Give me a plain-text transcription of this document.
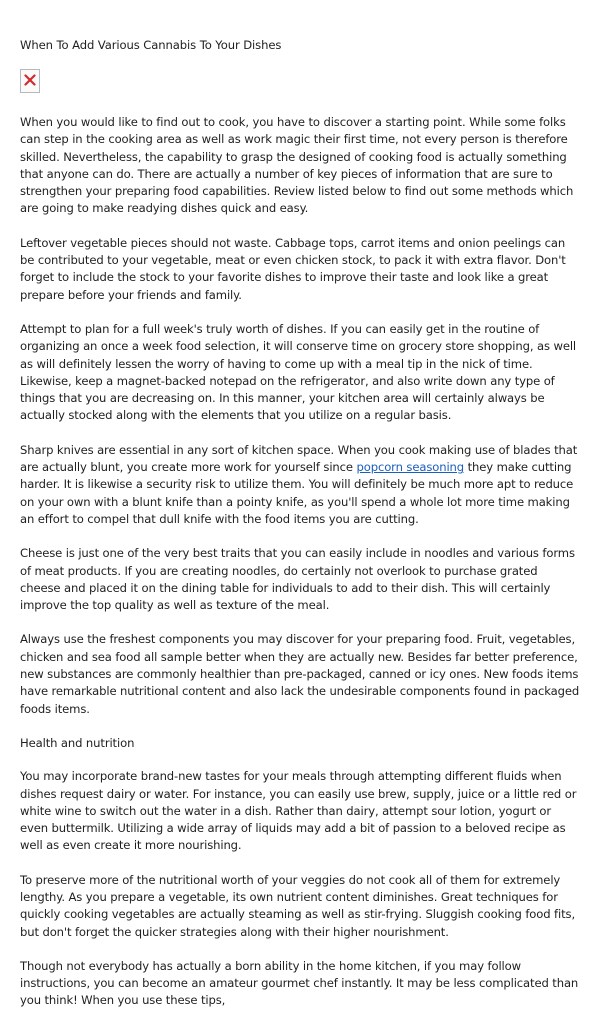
When To Add Various Cannabis To Your Dishes

When you would like to find out to cook, you have to discover a starting point. While some folks can step in the cooking area as well as work magic their first time, not every person is therefore skilled. Nevertheless, the capability to grasp the designed of cooking food is actually something that anyone can do. There are actually a number of key pieces of information that are sure to strengthen your preparing food capabilities. Review listed below to find out some methods which are going to make readying dishes quick and easy.

Leftover vegetable pieces should not waste. Cabbage tops, carrot items and onion peelings can be contributed to your vegetable, meat or even chicken stock, to pack it with extra flavor. Don't forget to include the stock to your favorite dishes to improve their taste and look like a great prepare before your friends and family.

Attempt to plan for a full week's truly worth of dishes. If you can easily get in the routine of organizing an once a week food selection, it will conserve time on grocery store shopping, as well as will definitely lessen the worry of having to come up with a meal tip in the nick of time. Likewise, keep a magnet-backed notepad on the refrigerator, and also write down any type of things that you are decreasing on. In this manner, your kitchen area will certainly always be actually stocked along with the elements that you utilize on a regular basis.

Sharp knives are essential in any sort of kitchen space. When you cook making use of blades that are actually blunt, you create more work for yourself since popcorn seasoning they make cutting harder. It is likewise a security risk to utilize them. You will definitely be much more apt to reduce on your own with a blunt knife than a pointy knife, as you'll spend a whole lot more time making an effort to compel that dull knife with the food items you are cutting.

Cheese is just one of the very best traits that you can easily include in noodles and various forms of meat products. If you are creating noodles, do certainly not overlook to purchase grated cheese and placed it on the dining table for individuals to add to their dish. This will certainly improve the top quality as well as texture of the meal.

Always use the freshest components you may discover for your preparing food. Fruit, vegetables, chicken and sea food all sample better when they are actually new. Besides far better preference, new substances are commonly healthier than pre-packaged, canned or icy ones. New foods items have remarkable nutritional content and also lack the undesirable components found in packaged foods items.

Health and nutrition

You may incorporate brand-new tastes for your meals through attempting different fluids when dishes request dairy or water. For instance, you can easily use brew, supply, juice or a little red or white wine to switch out the water in a dish. Rather than dairy, attempt sour lotion, yogurt or even buttermilk. Utilizing a wide array of liquids may add a bit of passion to a beloved recipe as well as even create it more nourishing.

To preserve more of the nutritional worth of your veggies do not cook all of them for extremely lengthy. As you prepare a vegetable, its own nutrient content diminishes. Great techniques for quickly cooking vegetables are actually steaming as well as stir-frying. Sluggish cooking food fits, but don't forget the quicker strategies along with their higher nourishment.

Though not everybody has actually a born ability in the home kitchen, if you may follow instructions, you can become an amateur gourmet chef instantly. It may be less complicated than you think! When you use these tips,
